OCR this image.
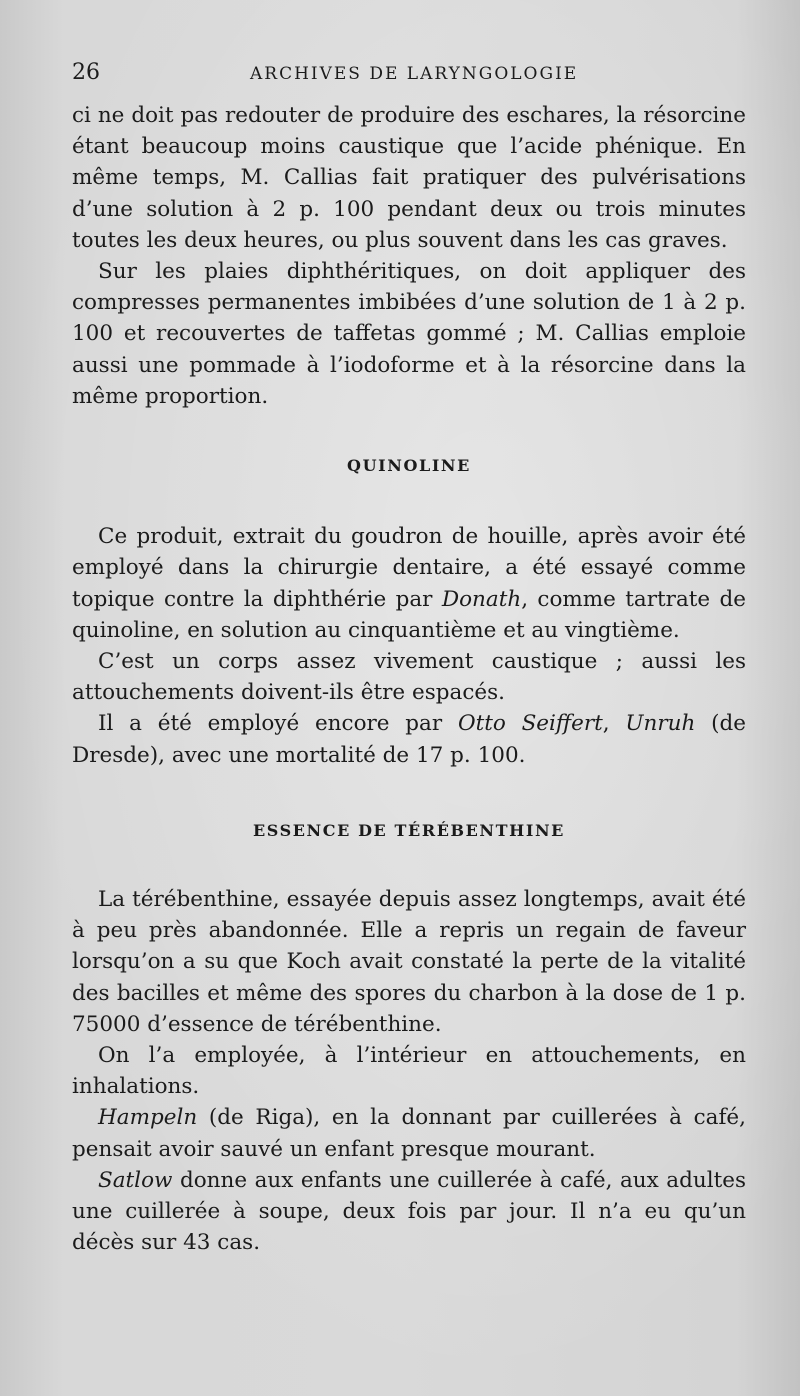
26	ARCHIVES DE LARYNGOLOGIE

ci ne doit pas redouter de produire des eschares, la résorcine étant beaucoup moins caustique que l’acide phénique. En même temps, M. Callias fait pratiquer des pulvérisations d’une solution à 2 p. 100 pendant deux ou trois minutes toutes les deux heures, ou plus souvent dans les cas graves.

Sur les plaies diphthéritiques, on doit appliquer des compresses permanentes imbibées d’une solution de 1 à 2 p. 100 et recouvertes de taffetas gommé ; M. Callias emploie aussi une pommade à l’iodoforme et à la résorcine dans la même proportion.

QUINOLINE

Ce produit, extrait du goudron de houille, après avoir été employé dans la chirurgie dentaire, a été essayé comme topique contre la diphthérie par Donath, comme tartrate de quinoline, en solution au cinquantième et au vingtième.

C’est un corps assez vivement caustique ; aussi les attouchements doivent-ils être espacés.

Il a été employé encore par Otto Seiffert, Unruh (de Dresde), avec une mortalité de 17 p. 100.

ESSENCE DE TÉRÉBENTHINE

La térébenthine, essayée depuis assez longtemps, avait été à peu près abandonnée. Elle a repris un regain de faveur lorsqu’on a su que Koch avait constaté la perte de la vitalité des bacilles et même des spores du charbon à la dose de 1 p. 75000 d’essence de térébenthine.

On l’a employée, à l’intérieur en attouchements, en inhalations.

Hampeln (de Riga), en la donnant par cuillerées à café, pensait avoir sauvé un enfant presque mourant.

Satlow donne aux enfants une cuillerée à café, aux adultes une cuillerée à soupe, deux fois par jour. Il n’a eu qu’un décès sur 43 cas.
